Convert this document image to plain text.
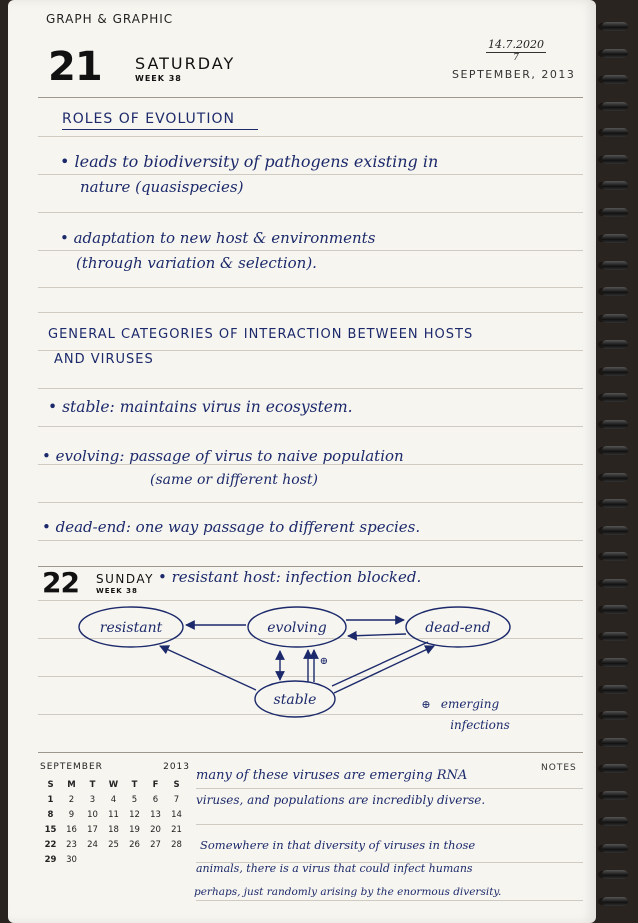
GRAPH & GRAPHIC
21 SATURDAY
WEEK 38
14.7.2020
7
SEPTEMBER, 2013
ROLES OF EVOLUTION
• leads to biodiversity of pathogens existing in
nature (quasispecies)
• adaptation to new host & environments
(through variation & selection).
GENERAL CATEGORIES OF INTERACTION BETWEEN HOSTS
AND VIRUSES
• stable: maintains virus in ecosystem.
• evolving: passage of virus to naive population
(same or different host)
• dead-end: one way passage to different species.
22 SUNDAY
WEEK 38
• resistant host: infection blocked.
resistant	evolving	dead-end
stable
⊕
⊕ emerging
infections
SEPTEMBER	2013
S	M	T	W	T	F	S
1	2	3	4	5	6	7
8	9	10	11	12	13	14
15	16	17	18	19	20	21
22	23	24	25	26	27	28
29	30
NOTES
many of these viruses are emerging RNA
viruses, and populations are incredibly diverse.
Somewhere in that diversity of viruses in those
animals, there is a virus that could infect humans
perhaps, just randomly arising by the enormous diversity.
